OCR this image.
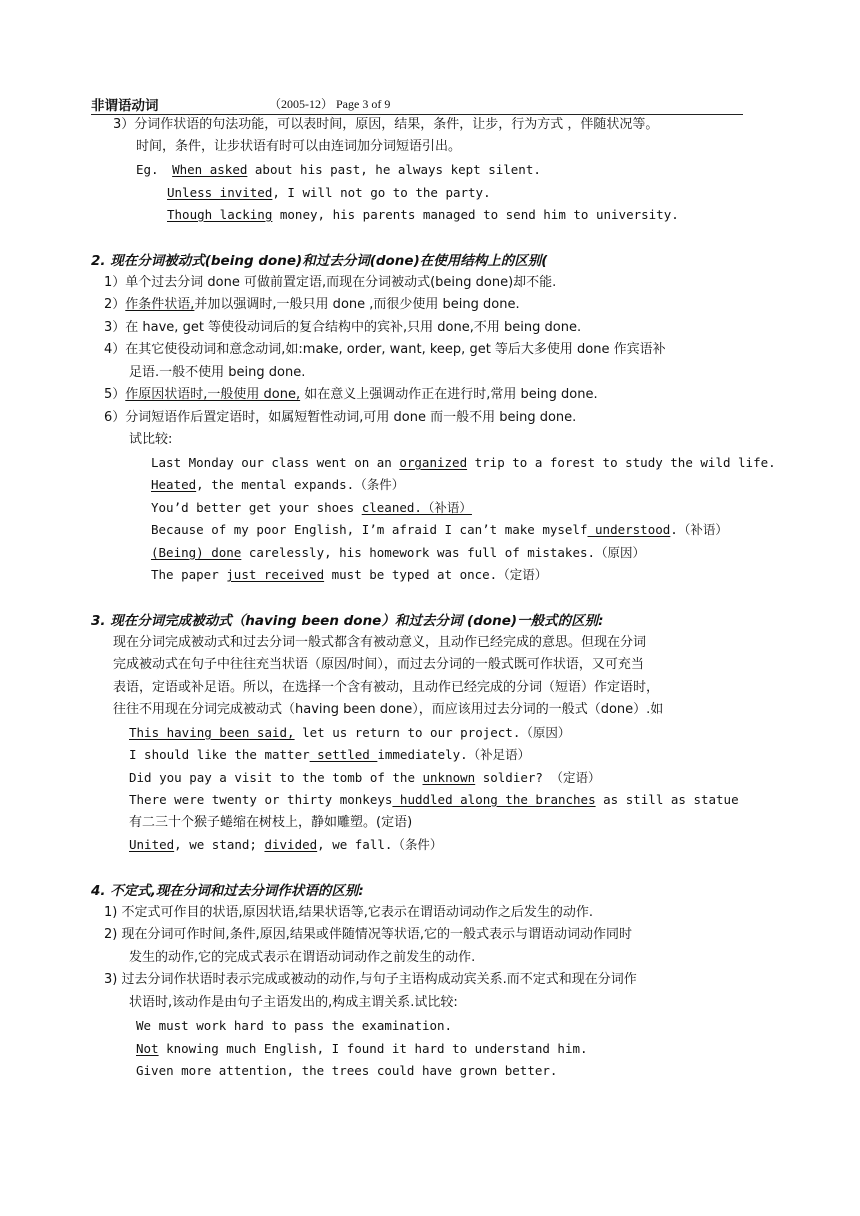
非谓语动词	（2005-12） Page 3 of 9
3）分词作状语的句法功能，可以表时间，原因，结果，条件，让步，行为方式 ，伴随状况等。
时间，条件，让步状语有时可以由连词加分词短语引出。
Eg. When asked about his past, he always kept silent.
Unless invited, I will not go to the party.
Though lacking money, his parents managed to send him to university.
2. 现在分词被动式(being done)和过去分词(done)在使用结构上的区别(
1）单个过去分词 done 可做前置定语,而现在分词被动式(being done)却不能.
2）作条件状语,并加以强调时,一般只用 done ,而很少使用 being done.
3）在 have, get 等使役动词后的复合结构中的宾补,只用 done,不用 being done.
4）在其它使役动词和意念动词,如:make, order, want, keep, get 等后大多使用 done 作宾语补
足语.一般不使用 being done.
5）作原因状语时,一般使用 done, 如在意义上强调动作正在进行时,常用 being done.
6）分词短语作后置定语时，如属短暂性动词,可用 done 而一般不用 being done.
试比较:
Last Monday our class went on an organized trip to a forest to study the wild life.
Heated, the mental expands.（条件）
You’d better get your shoes cleaned.（补语）
Because of my poor English, I’m afraid I can’t make myself understood.（补语）
(Being) done carelessly, his homework was full of mistakes.（原因）
The paper just received must be typed at once.（定语）
3. 现在分词完成被动式（having been done）和过去分词 (done)一般式的区别:
现在分词完成被动式和过去分词一般式都含有被动意义，且动作已经完成的意思。但现在分词
完成被动式在句子中往往充当状语（原因/时间），而过去分词的一般式既可作状语，又可充当
表语，定语或补足语。所以，在选择一个含有被动，且动作已经完成的分词（短语）作定语时，
往往不用现在分词完成被动式（having been done），而应该用过去分词的一般式（done）.如
This having been said, let us return to our project.（原因）
I should like the matter settled immediately.（补足语）
Did you pay a visit to the tomb of the unknown soldier? （定语）
There were twenty or thirty monkeys huddled along the branches as still as statue
有二三十个猴子蜷缩在树枝上，静如雕塑。(定语)
United, we stand; divided, we fall.（条件）
4. 不定式,现在分词和过去分词作状语的区别:
1) 不定式可作目的状语,原因状语,结果状语等,它表示在谓语动词动作之后发生的动作.
2) 现在分词可作时间,条件,原因,结果或伴随情况等状语,它的一般式表示与谓语动词动作同时
发生的动作,它的完成式表示在谓语动词动作之前发生的动作.
3) 过去分词作状语时表示完成或被动的动作,与句子主语构成动宾关系.而不定式和现在分词作
状语时,该动作是由句子主语发出的,构成主谓关系.试比较:
We must work hard to pass the examination.
Not knowing much English, I found it hard to understand him.
Given more attention, the trees could have grown better.
